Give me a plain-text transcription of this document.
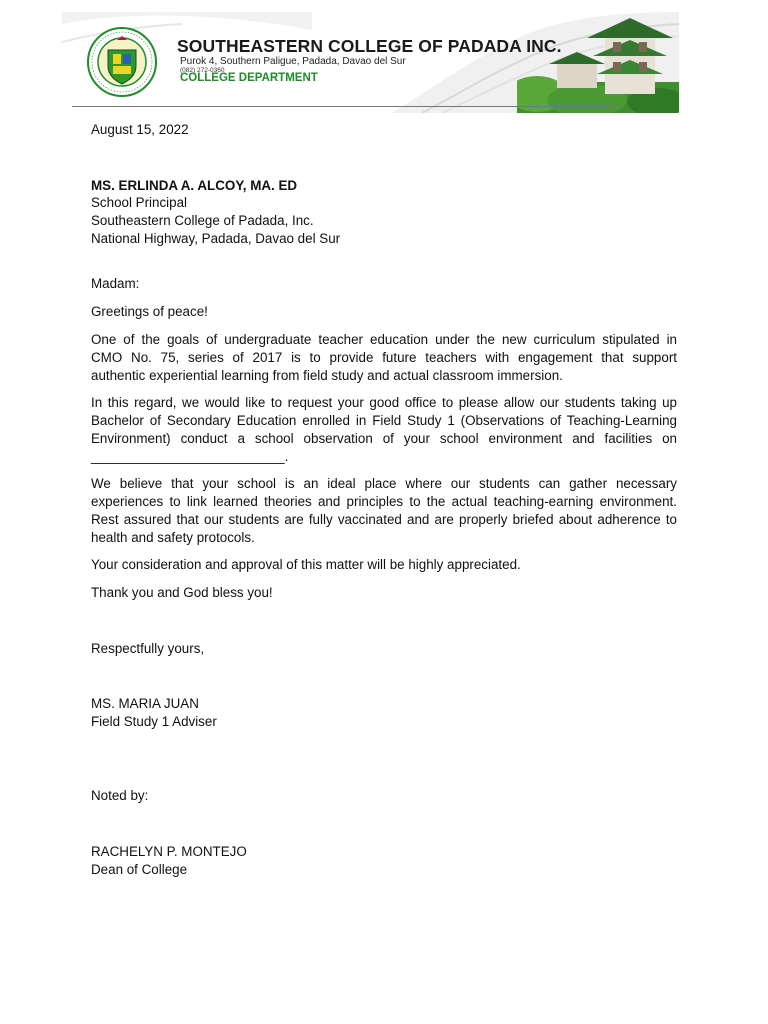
SOUTHEASTERN COLLEGE OF PADADA INC.
Purok 4, Southern Paligue, Padada, Davao del Sur
(082) 272-0360
COLLEGE DEPARTMENT
August 15, 2022
MS. ERLINDA A. ALCOY, MA. ED
School Principal
Southeastern College of Padada, Inc.
National Highway, Padada, Davao del Sur
Madam:
Greetings of peace!
One of the goals of undergraduate teacher education under the new curriculum stipulated in
CMO No. 75, series of 2017 is to provide future teachers with engagement that support
authentic experiential learning from field study and actual classroom immersion.
In this regard, we would like to request your good office to please allow our students taking up
Bachelor of Secondary Education enrolled in Field Study 1 (Observations of Teaching-Learning
Environment) conduct a school observation of your school environment and facilities on
__________________________.
We believe that your school is an ideal place where our students can gather necessary
experiences to link learned theories and principles to the actual teaching-earning environment.
Rest assured that our students are fully vaccinated and are properly briefed about adherence to
health and safety protocols.
Your consideration and approval of this matter will be highly appreciated.
Thank you and God bless you!
Respectfully yours,
MS. MARIA JUAN
Field Study 1 Adviser
Noted by:
RACHELYN P. MONTEJO
Dean of College
